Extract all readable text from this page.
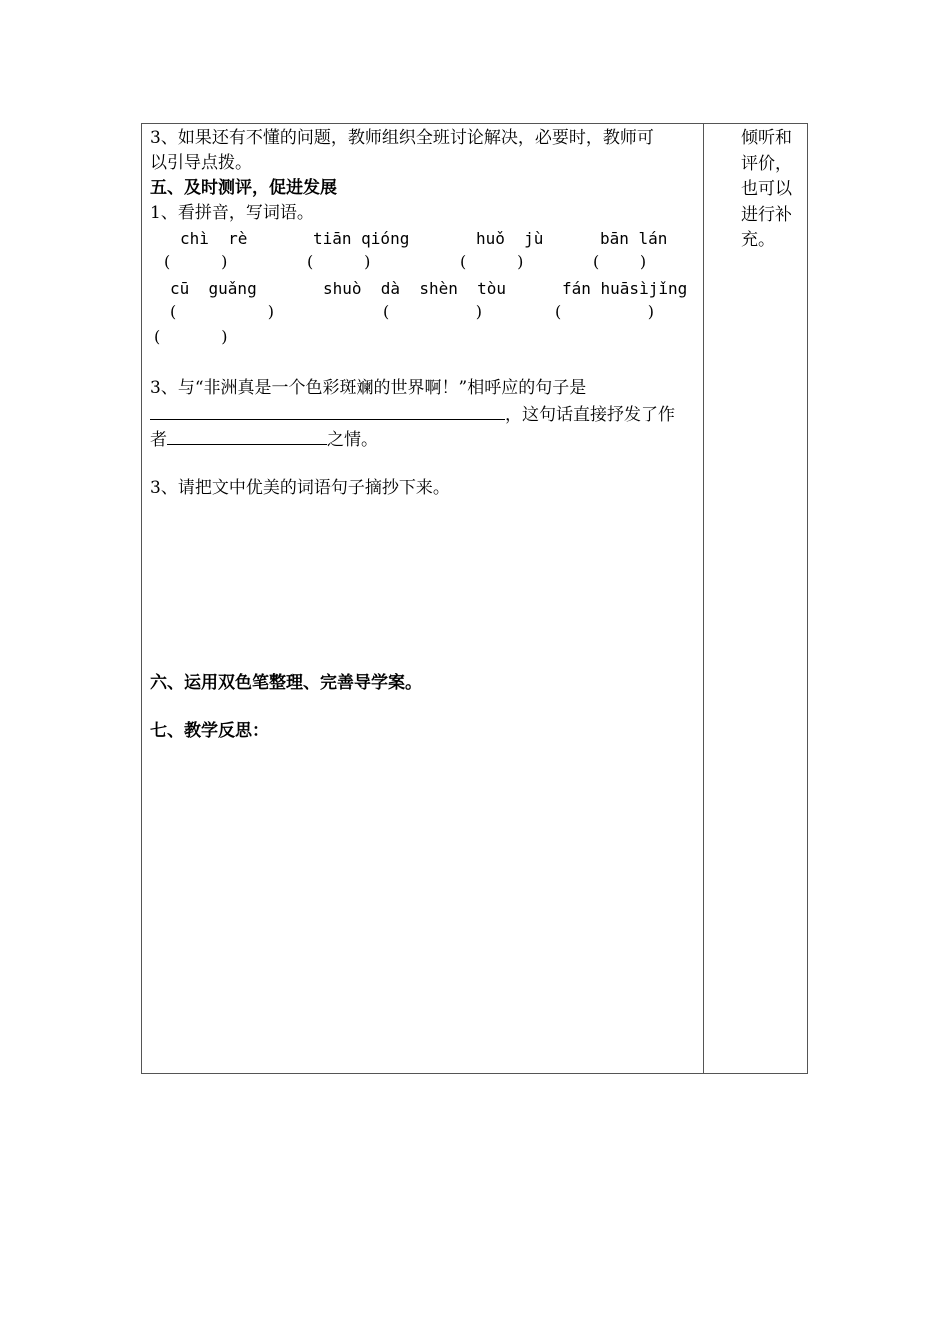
3、如果还有不懂的问题，教师组织全班讨论解决，必要时，教师可
以引导点拨。
五、及时测评，促进发展
1、看拼音，写词语。
chì  rè	tiān qióng	huǒ  jù	bān lán
(          )	(          )	(          )	(        )
cū  guǎng	shuò  dà  shèn  tòu	fán huāsìjǐng
(                  )	(                 )	(                 )
(            )
3、与“非洲真是一个色彩斑斓的世界啊！”相呼应的句子是
，这句话直接抒发了作
者	之情。
3、请把文中优美的词语句子摘抄下来。
六、运用双色笔整理、完善导学案。
七、教学反思：
倾听和
评价，
也可以
进行补
充。
